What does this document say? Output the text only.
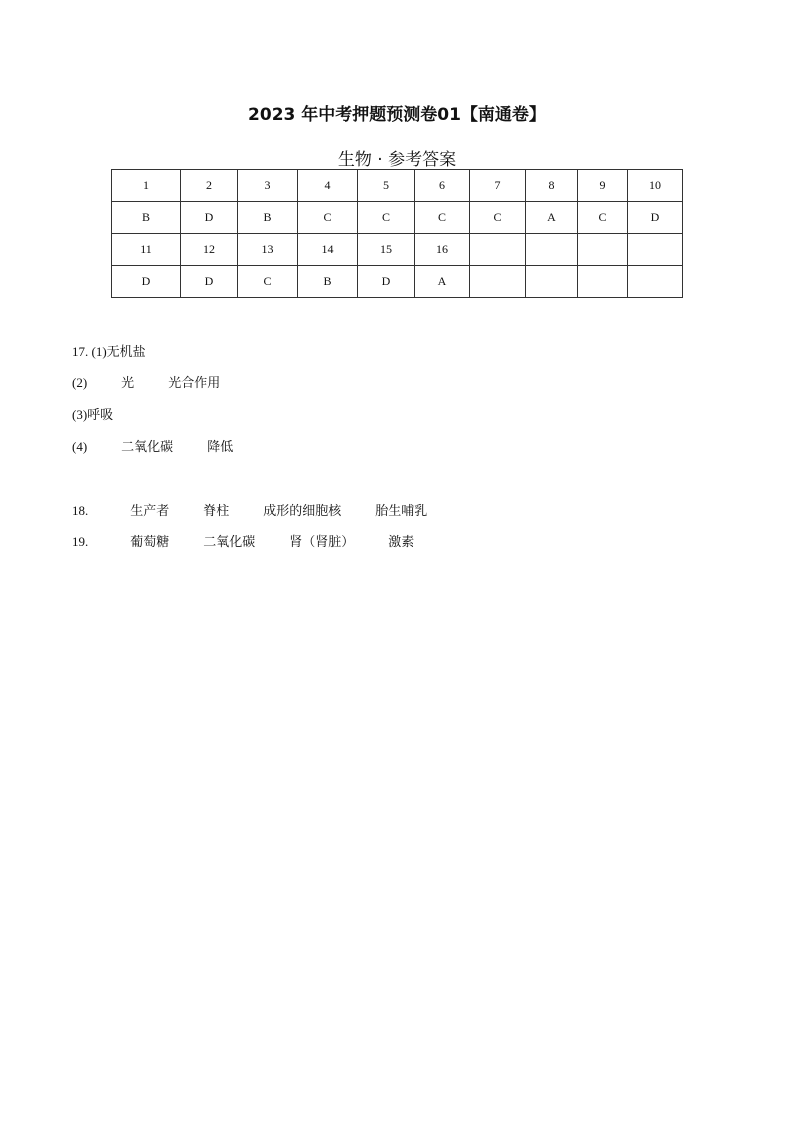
2023 年中考押题预测卷01【南通卷】
生物 · 参考答案
1	2	3	4	5	6	7	8	9	10
B	D	B	C	C	C	C	A	C	D
11	12	13	14	15	16				
D	D	C	B	D	A				
17. (1)无机盐
(2)	光	光合作用
(3)呼吸
(4)	二氧化碳	降低
18.	生产者	脊柱	成形的细胞核	胎生哺乳
19.	葡萄糖	二氧化碳	肾（肾脏）	激素
